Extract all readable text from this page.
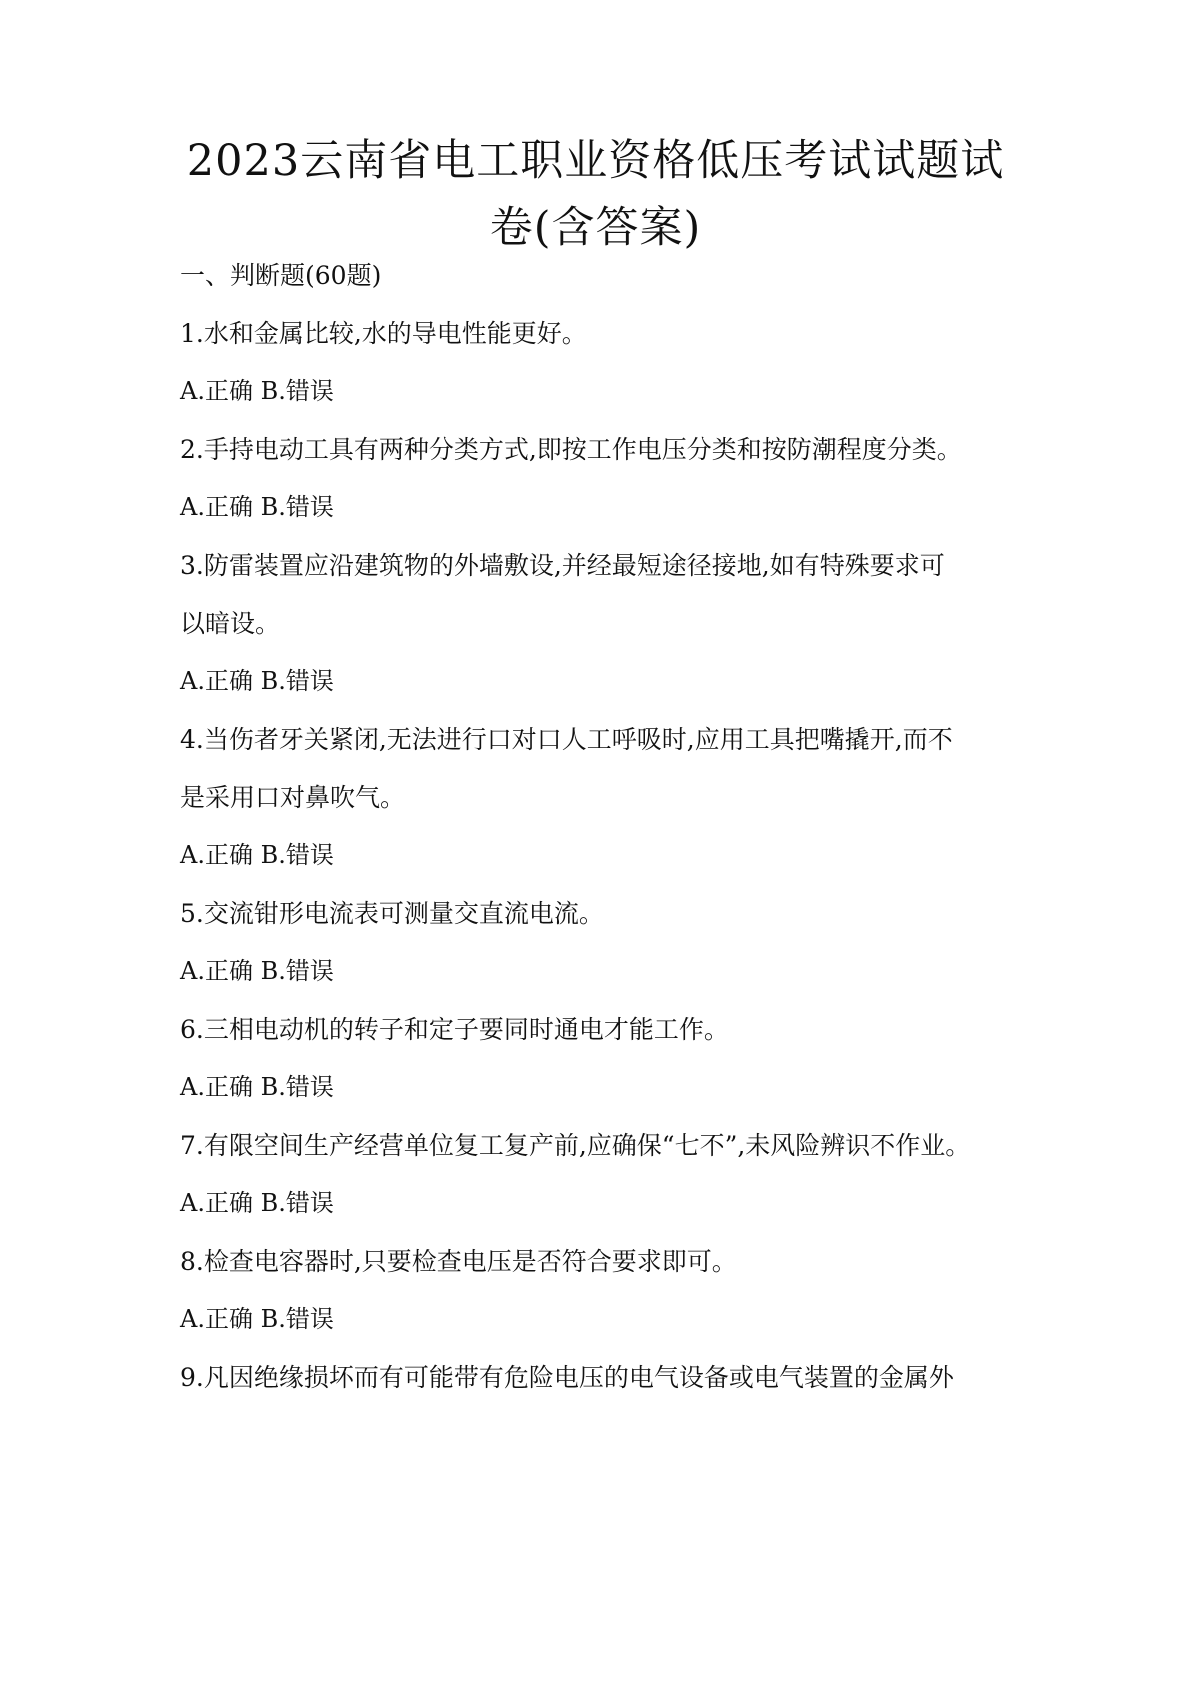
2023云南省电工职业资格低压考试试题试
卷(含答案)
一、判断题(60题)
1.水和金属比较,水的导电性能更好。
A.正确 B.错误
2.手持电动工具有两种分类方式,即按工作电压分类和按防潮程度分类。
A.正确 B.错误
3.防雷装置应沿建筑物的外墙敷设,并经最短途径接地,如有特殊要求可
以暗设。
A.正确 B.错误
4.当伤者牙关紧闭,无法进行口对口人工呼吸时,应用工具把嘴撬开,而不
是采用口对鼻吹气。
A.正确 B.错误
5.交流钳形电流表可测量交直流电流。
A.正确 B.错误
6.三相电动机的转子和定子要同时通电才能工作。
A.正确 B.错误
7.有限空间生产经营单位复工复产前,应确保“七不”,未风险辨识不作业。
A.正确 B.错误
8.检查电容器时,只要检查电压是否符合要求即可。
A.正确 B.错误
9.凡因绝缘损坏而有可能带有危险电压的电气设备或电气装置的金属外
